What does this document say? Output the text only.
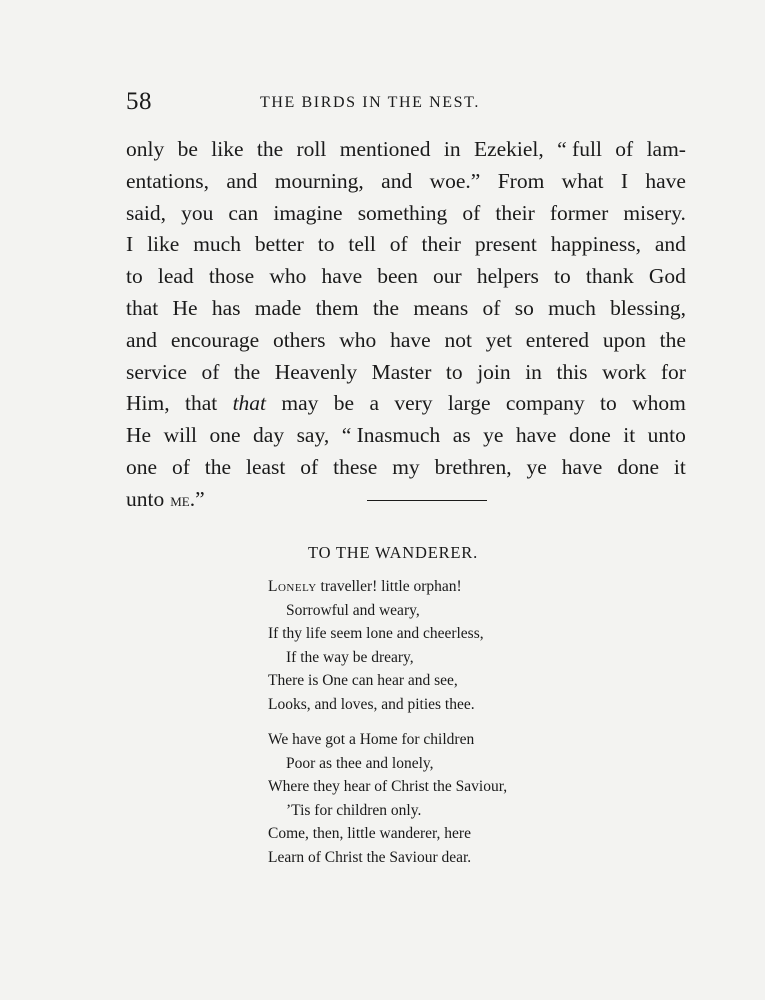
58	THE BIRDS IN THE NEST.
only be like the roll mentioned in Ezekiel, “ full of lam-
entations, and mourning, and woe.” From what I have
said, you can imagine something of their former misery.
I like much better to tell of their present happiness, and
to lead those who have been our helpers to thank God
that He has made them the means of so much blessing,
and encourage others who have not yet entered upon the
service of the Heavenly Master to join in this work for
Him, that that may be a very large company to whom
He will one day say, “ Inasmuch as ye have done it unto
one of the least of these my brethren, ye have done it
unto me.”
TO THE WANDERER.
Lonely traveller! little orphan!
Sorrowful and weary,
If thy life seem lone and cheerless,
If the way be dreary,
There is One can hear and see,
Looks, and loves, and pities thee.
We have got a Home for children
Poor as thee and lonely,
Where they hear of Christ the Saviour,
’Tis for children only.
Come, then, little wanderer, here
Learn of Christ the Saviour dear.
